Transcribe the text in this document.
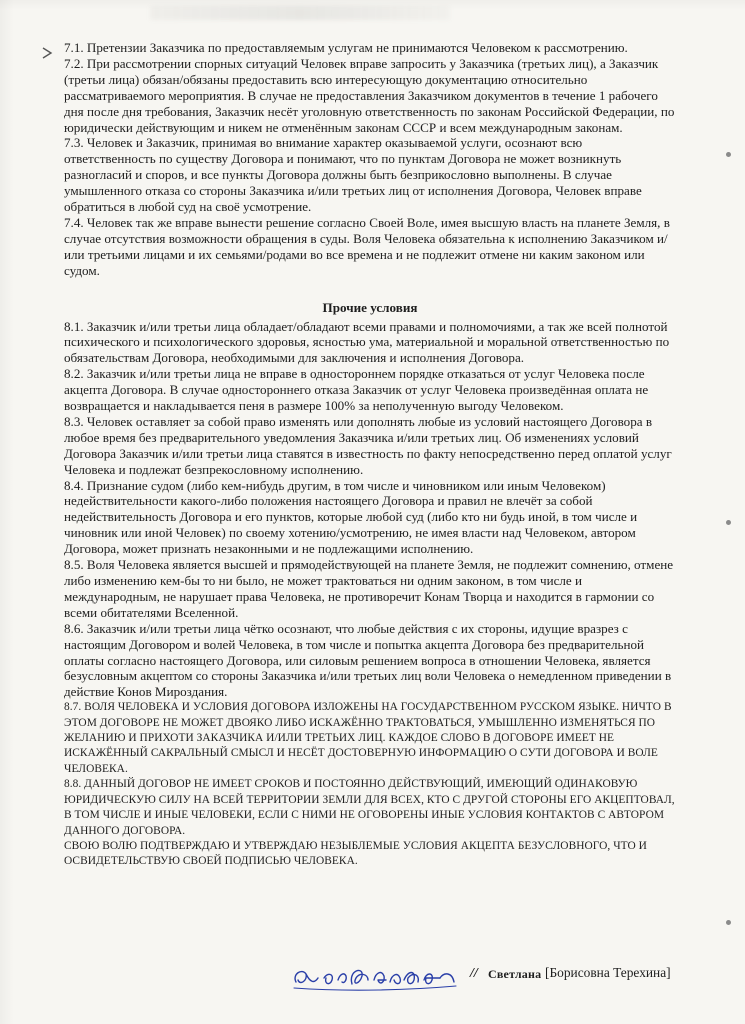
7.1. Претензии Заказчика по предоставляемым услугам не принимаются Человеком к рассмотрению.

7.2. При рассмотрении спорных ситуаций Человек вправе запросить у Заказчика (третьих лиц), а Заказчик (третьи лица) обязан/обязаны предоставить всю интересующую документацию относительно рассматриваемого мероприятия. В случае не предоставления Заказчиком документов в течение 1 рабочего дня после дня требования, Заказчик несёт уголовную ответственность по законам Российской Федерации, по юридически действующим и никем не отменённым законам СССР и всем международным законам.

7.3. Человек и Заказчик, принимая во внимание характер оказываемой услуги, осознают всю ответственность по существу Договора и понимают, что по пунктам Договора не может возникнуть разногласий и споров, и все пункты Договора должны быть безприкословно выполнены. В случае умышленного отказа со стороны Заказчика и/или третьих лиц от исполнения Договора, Человек вправе обратиться в любой суд на своё усмотрение.

7.4. Человек так же вправе вынести решение согласно Своей Воле, имея высшую власть на планете Земля, в случае отсутствия возможности обращения в суды. Воля Человека обязательна к исполнению Заказчиком и/или третьими лицами и их семьями/родами во все времена и не подлежит отмене ни каким законом или судом.

Прочие условия

8.1. Заказчик и/или третьи лица обладает/обладают всеми правами и полномочиями, а так же всей полнотой психического и психологического здоровья, ясностью ума, материальной и моральной ответственностью по обязательствам Договора, необходимыми для заключения и исполнения Договора.

8.2. Заказчик и/или третьи лица не вправе в одностороннем порядке отказаться от услуг Человека после акцепта Договора. В случае одностороннего отказа Заказчик от услуг Человека произведённая оплата не возвращается и накладывается пеня в размере 100% за неполученную выгоду Человеком.

8.3. Человек оставляет за собой право изменять или дополнять любые из условий настоящего Договора в любое время без предварительного уведомления Заказчика и/или третьих лиц. Об изменениях условий Договора Заказчик и/или третьи лица ставятся в известность по факту непосредственно перед оплатой услуг Человека и подлежат безпрекословному исполнению.

8.4. Признание судом (либо кем-нибудь другим, в том числе и чиновником или иным Человеком) недействительности какого-либо положения настоящего Договора и правил не влечёт за собой недействительность Договора и его пунктов, которые любой суд (либо кто ни будь иной, в том числе и чиновник или иной Человек) по своему хотению/усмотрению, не имея власти над Человеком, автором Договора, может признать незаконными и не подлежащими исполнению.

8.5. Воля Человека является высшей и прямодействующей на планете Земля, не подлежит сомнению, отмене либо изменению кем-бы то ни было, не может трактоваться ни одним законом, в том числе и международным, не нарушает права Человека, не противоречит Конам Творца и находится в гармонии со всеми обитателями Вселенной.

8.6. Заказчик и/или третьи лица чётко осознают, что любые действия с их стороны, идущие вразрез с настоящим Договором и волей Человека, в том числе и попытка акцепта Договора без предварительной оплаты согласно настоящего Договора, или силовым решением вопроса в отношении Человека, является безусловным акцептом со стороны Заказчика и/или третьих лиц воли Человека о немедленном приведении в действие Конов Мироздания.

8.7. ВОЛЯ ЧЕЛОВЕКА И УСЛОВИЯ ДОГОВОРА ИЗЛОЖЕНЫ НА ГОСУДАРСТВЕННОМ РУССКОМ ЯЗЫКЕ. НИЧТО В ЭТОМ ДОГОВОРЕ НЕ МОЖЕТ ДВОЯКО ЛИБО ИСКАЖЁННО ТРАКТОВАТЬСЯ, УМЫШЛЕННО ИЗМЕНЯТЬСЯ ПО ЖЕЛАНИЮ И ПРИХОТИ ЗАКАЗЧИКА И/ИЛИ ТРЕТЬИХ ЛИЦ. КАЖДОЕ СЛОВО В ДОГОВОРЕ ИМЕЕТ НЕ ИСКАЖЁННЫЙ САКРАЛЬНЫЙ СМЫСЛ И НЕСЁТ ДОСТОВЕРНУЮ ИНФОРМАЦИЮ О СУТИ ДОГОВОРА И ВОЛЕ ЧЕЛОВЕКА.

8.8. ДАННЫЙ ДОГОВОР НЕ ИМЕЕТ СРОКОВ И ПОСТОЯННО ДЕЙСТВУЮЩИЙ, ИМЕЮЩИЙ ОДИНАКОВУЮ ЮРИДИЧЕСКУЮ СИЛУ НА ВСЕЙ ТЕРРИТОРИИ ЗЕМЛИ ДЛЯ ВСЕХ, КТО С ДРУГОЙ СТОРОНЫ ЕГО АКЦЕПТОВАЛ, В ТОМ ЧИСЛЕ И ИНЫЕ ЧЕЛОВЕКИ, ЕСЛИ С НИМИ НЕ ОГОВОРЕНЫ ИНЫЕ УСЛОВИЯ КОНТАКТОВ С АВТОРОМ ДАННОГО ДОГОВОРА.

СВОЮ ВОЛЮ ПОДТВЕРЖДАЮ И УТВЕРЖДАЮ НЕЗЫБЛЕМЫЕ УСЛОВИЯ АКЦЕПТА БЕЗУСЛОВНОГО, ЧТО И ОСВИДЕТЕЛЬСТВУЮ СВОЕЙ ПОДПИСЬЮ ЧЕЛОВЕКА.

// Светлана [Борисовна Терехина]
